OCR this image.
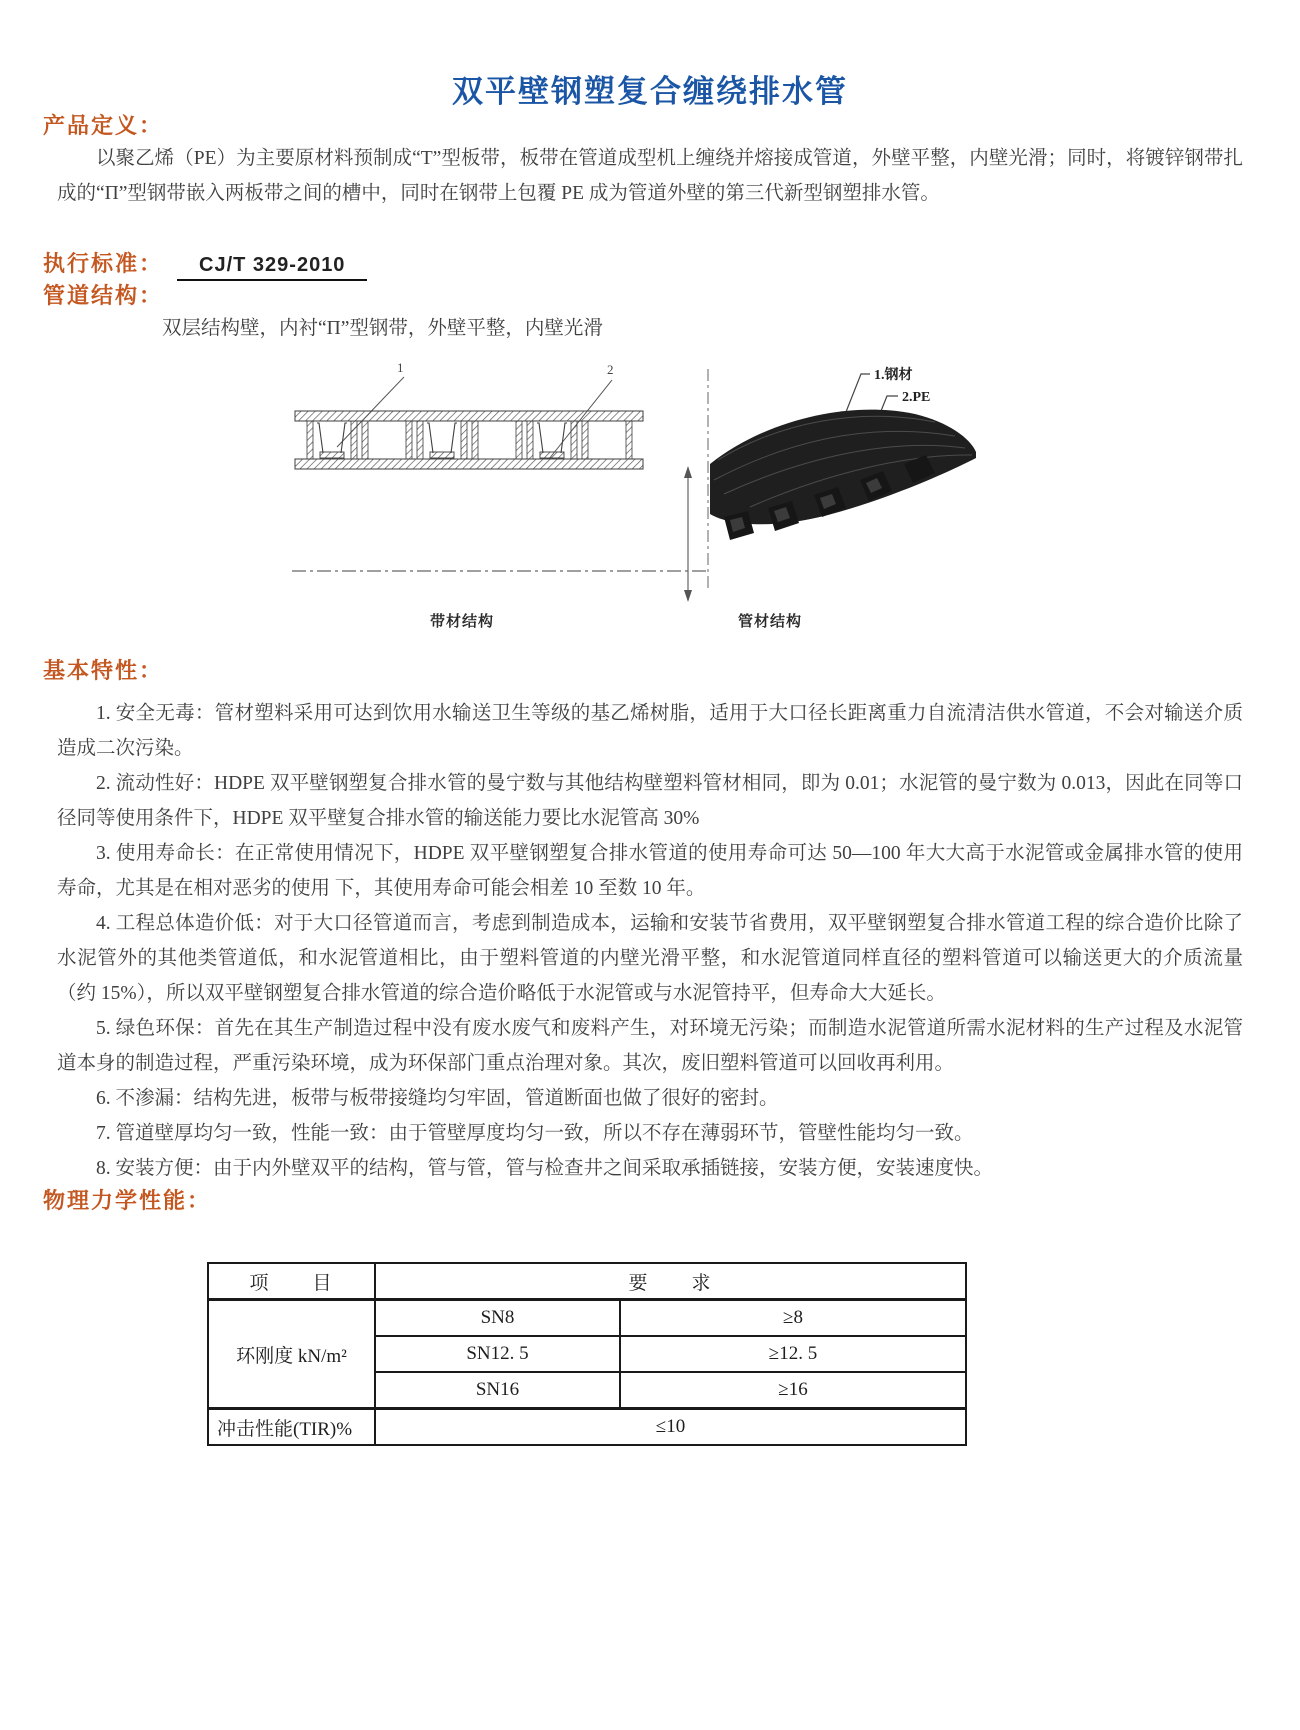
双平壁钢塑复合缠绕排水管
产品定义：

以聚乙烯（PE）为主要原材料预制成“T”型板带，板带在管道成型机上缠绕并熔接成管道，外壁平整，内壁光滑；同时，将镀锌钢带扎成的“Π”型钢带嵌入两板带之间的槽中，同时在钢带上包覆 PE 成为管道外壁的第三代新型钢塑排水管。

执行标准：	CJ/T 329-2010
管道结构：

双层结构壁，内衬“Π”型钢带，外壁平整，内壁光滑

1	2	1.钢材
2.PE
带材结构	管材结构
基本特性：

1. 安全无毒：管材塑料采用可达到饮用水输送卫生等级的基乙烯树脂，适用于大口径长距离重力自流清洁供水管道，不会对输送介质造成二次污染。

2. 流动性好：HDPE 双平壁钢塑复合排水管的曼宁数与其他结构壁塑料管材相同，即为 0.01；水泥管的曼宁数为 0.013，因此在同等口径同等使用条件下，HDPE 双平壁复合排水管的输送能力要比水泥管高 30%

3. 使用寿命长：在正常使用情况下，HDPE 双平壁钢塑复合排水管道的使用寿命可达 50—100 年大大高于水泥管或金属排水管的使用寿命，尤其是在相对恶劣的使用 下，其使用寿命可能会相差 10 至数 10 年。

4. 工程总体造价低：对于大口径管道而言，考虑到制造成本，运输和安装节省费用，双平壁钢塑复合排水管道工程的综合造价比除了水泥管外的其他类管道低，和水泥管道相比，由于塑料管道的内壁光滑平整，和水泥管道同样直径的塑料管道可以输送更大的介质流量（约 15%），所以双平壁钢塑复合排水管道的综合造价略低于水泥管或与水泥管持平，但寿命大大延长。

5. 绿色环保：首先在其生产制造过程中没有废水废气和废料产生，对环境无污染；而制造水泥管道所需水泥材料的生产过程及水泥管道本身的制造过程，严重污染环境，成为环保部门重点治理对象。其次，废旧塑料管道可以回收再利用。

6. 不渗漏：结构先进，板带与板带接缝均匀牢固，管道断面也做了很好的密封。

7. 管道壁厚均匀一致，性能一致：由于管壁厚度均匀一致，所以不存在薄弱环节，管壁性能均匀一致。

8. 安装方便：由于内外壁双平的结构，管与管，管与检查井之间采取承插链接，安装方便，安装速度快。

物理力学性能：
项　　目	要　　求	
环刚度 kN/m²	SN8	≥8
	SN12. 5	≥12. 5
	SN16	≥16
冲击性能(TIR)%	≤10	
